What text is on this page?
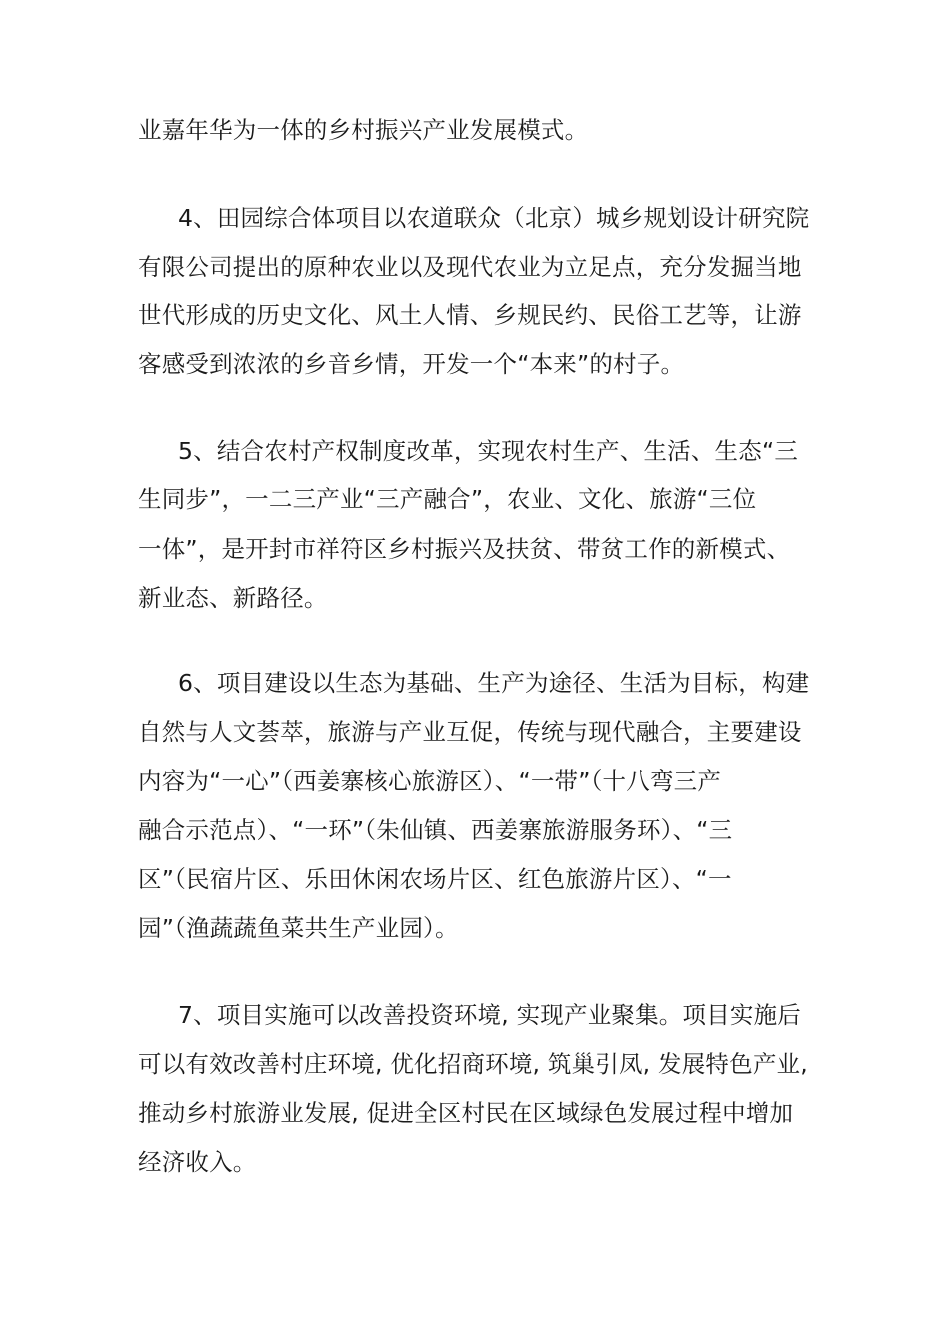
业嘉年华为一体的乡村振兴产业发展模式。
4、田园综合体项目以农道联众（北京）城乡规划设计研究院
有限公司提出的原种农业以及现代农业为立足点，充分发掘当地
世代形成的历史文化、风土人情、乡规民约、民俗工艺等，让游
客感受到浓浓的乡音乡情，开发一个“本来”的村子。
5、结合农村产权制度改革，实现农村生产、生活、生态“三
生同步”，一二三产业“三产融合”，农业、文化、旅游“三位
一体”，是开封市祥符区乡村振兴及扶贫、带贫工作的新模式、
新业态、新路径。
6、项目建设以生态为基础、生产为途径、生活为目标，构建
自然与人文荟萃，旅游与产业互促，传统与现代融合，主要建设
内容为“一心”（西姜寨核心旅游区）、“一带”（十八弯三产
融合示范点）、“一环”（朱仙镇、西姜寨旅游服务环）、“三
区”（民宿片区、乐田休闲农场片区、红色旅游片区）、“一
园”（渔蔬蔬鱼菜共生产业园）。
7、项目实施可以改善投资环境, 实现产业聚集。项目实施后
可以有效改善村庄环境, 优化招商环境, 筑巢引凤, 发展特色产业,
推动乡村旅游业发展, 促进全区村民在区域绿色发展过程中增加
经济收入。
